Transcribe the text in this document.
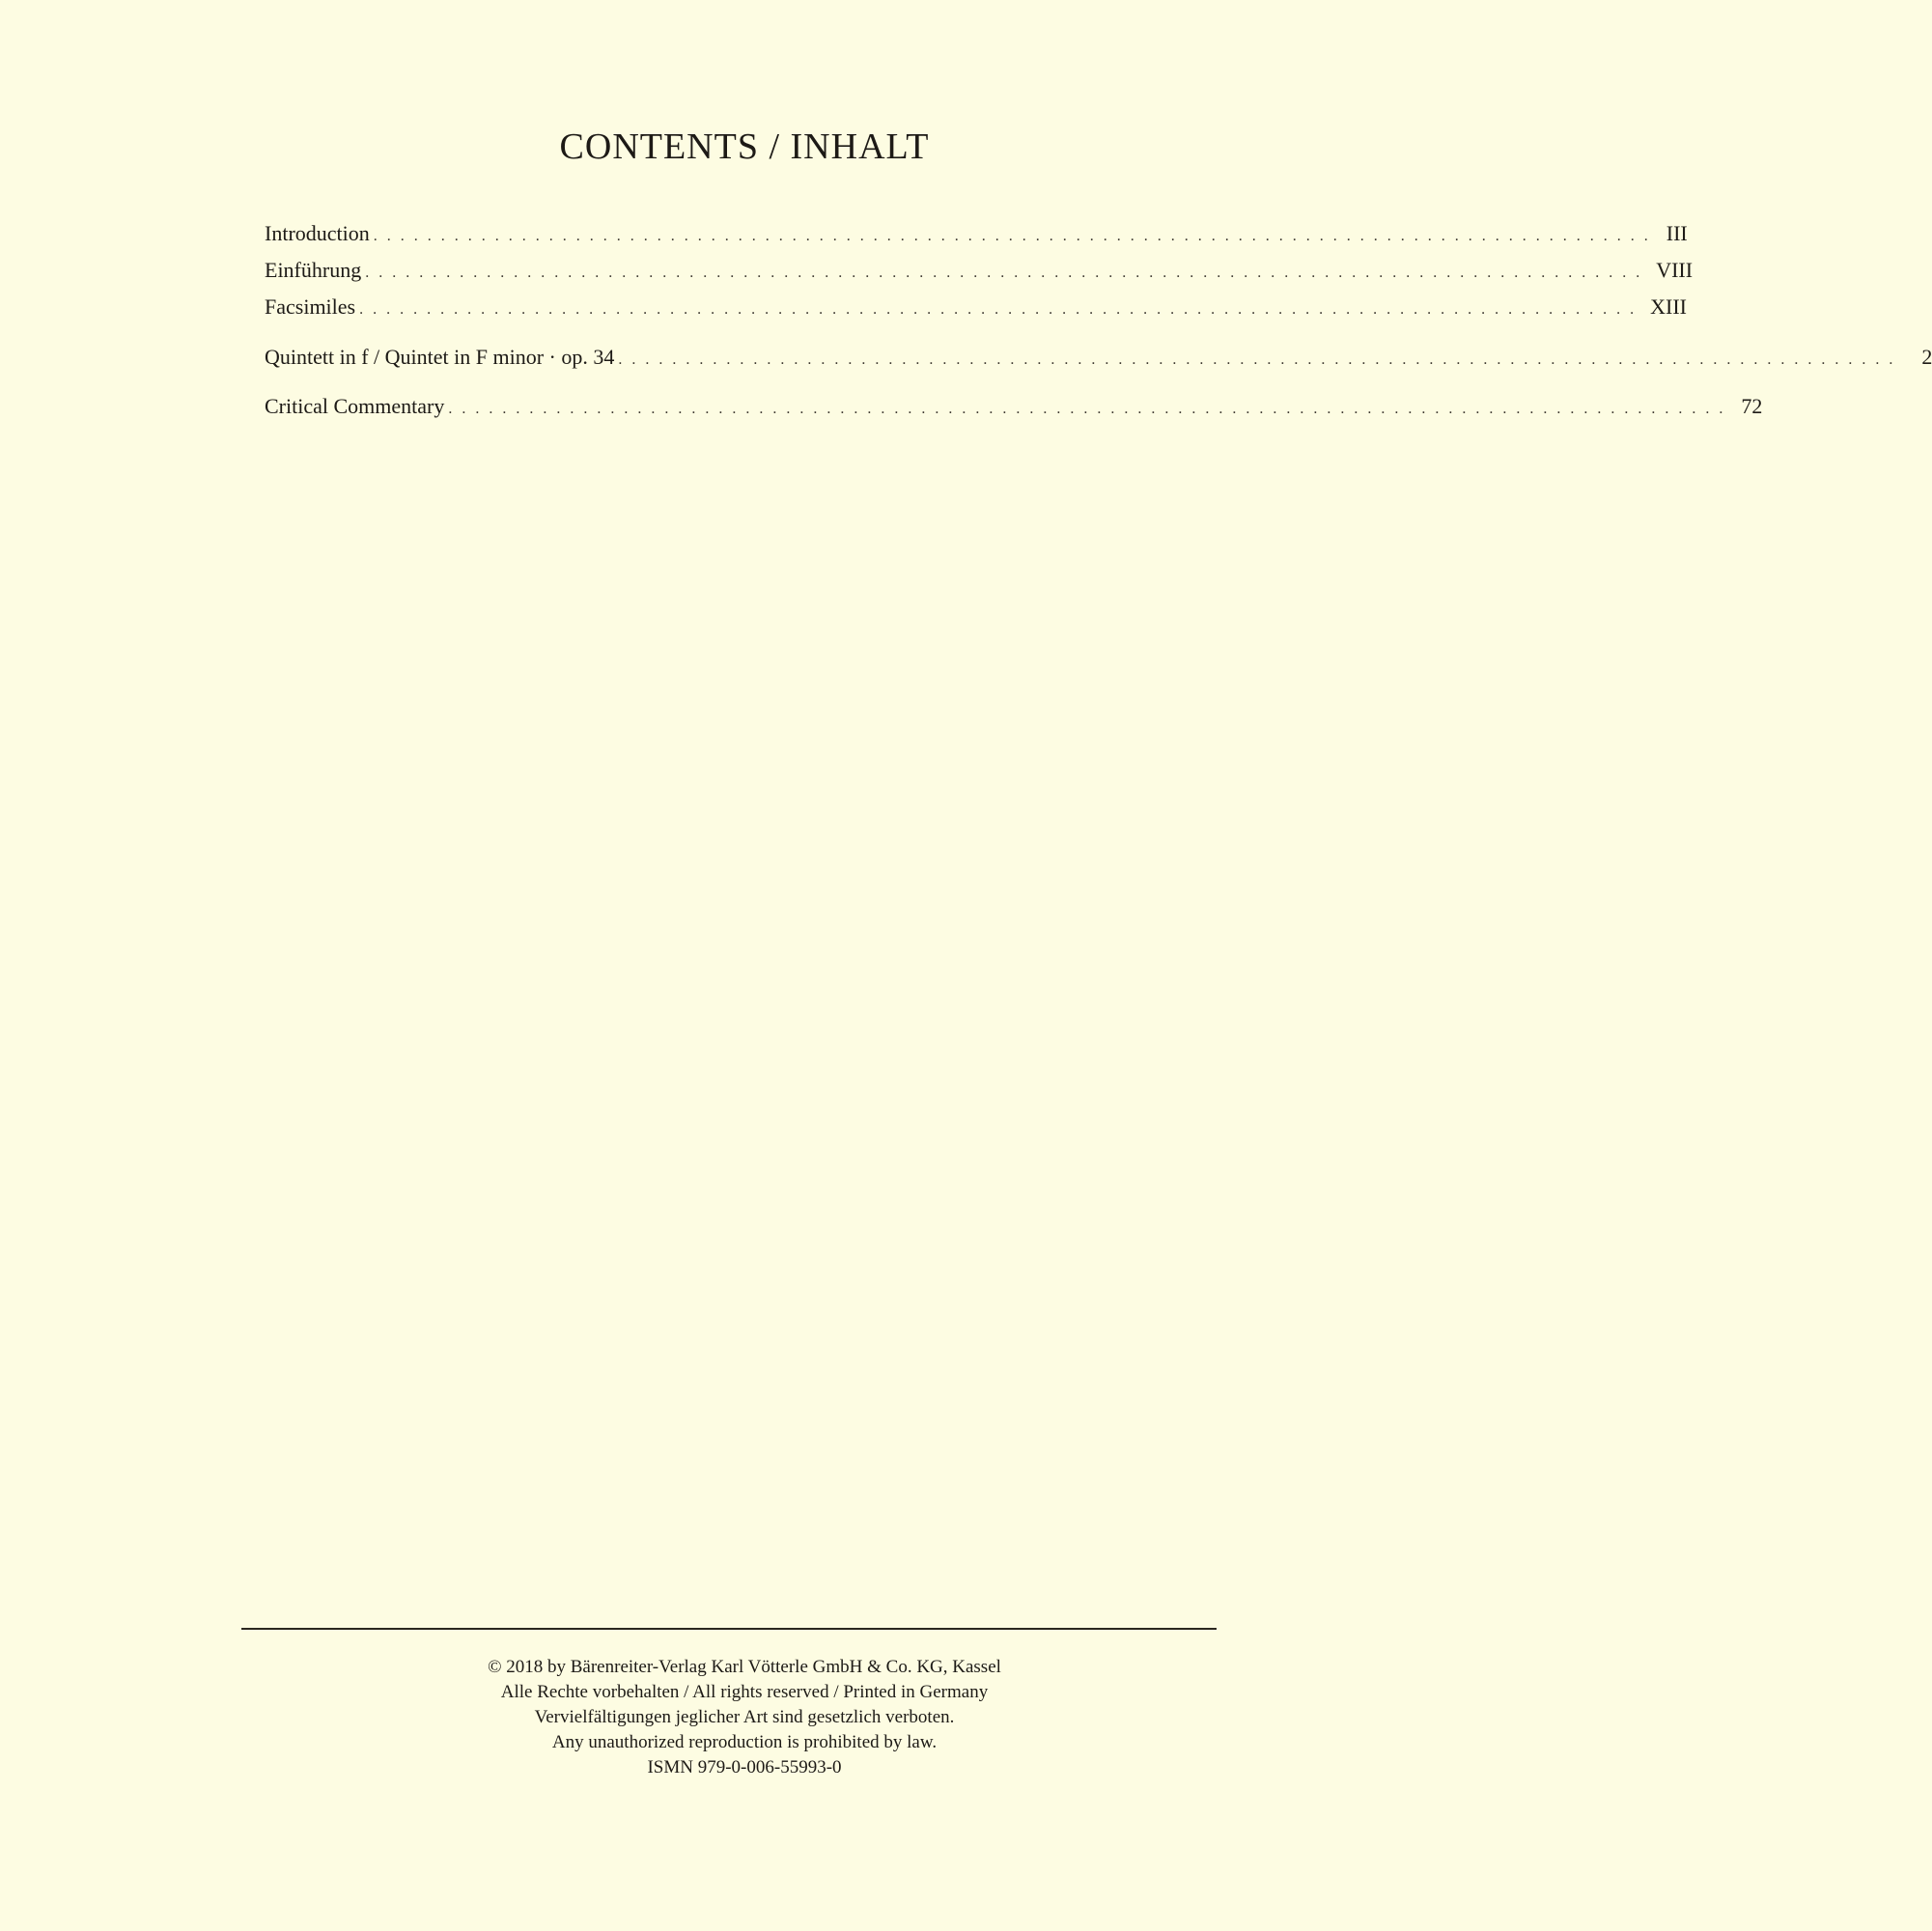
CONTENTS / INHALT
Introduction . . . . . . . . . . . . . . . . . . . . . . . . . . . . . . . . . . . . . . . . . . . . . . . . . . . . . . . . . . . . . . . . . . . . . . . . . . . . . . . . . . . . . . . . . . . . . . . III
Einführung . . . . . . . . . . . . . . . . . . . . . . . . . . . . . . . . . . . . . . . . . . . . . . . . . . . . . . . . . . . . . . . . . . . . . . . . . . . . . . . . . . . . . . . . . . . . . . . VIII
Facsimiles . . . . . . . . . . . . . . . . . . . . . . . . . . . . . . . . . . . . . . . . . . . . . . . . . . . . . . . . . . . . . . . . . . . . . . . . . . . . . . . . . . . . . . . . . . . . . . . XIII
Quintett in f / Quintet in F minor · op. 34 . . . . . . . . . . . . . . . . . . . . . . . . . . . . . . . . . . . . . . . . . . . . . . . . . . . . . . . . . . . . . . . . . . . . . . . . . . . . . . . . . . . . . . . . . . . . . . .	2
Critical Commentary . . . . . . . . . . . . . . . . . . . . . . . . . . . . . . . . . . . . . . . . . . . . . . . . . . . . . . . . . . . . . . . . . . . . . . . . . . . . . . . . . . . . . . . . . . . . . . . 72
© 2018 by Bärenreiter-Verlag Karl Vötterle GmbH & Co. KG, Kassel
Alle Rechte vorbehalten / All rights reserved / Printed in Germany
Vervielfältigungen jeglicher Art sind gesetzlich verboten.
Any unauthorized reproduction is prohibited by law.
ISMN 979-0-006-55993-0
